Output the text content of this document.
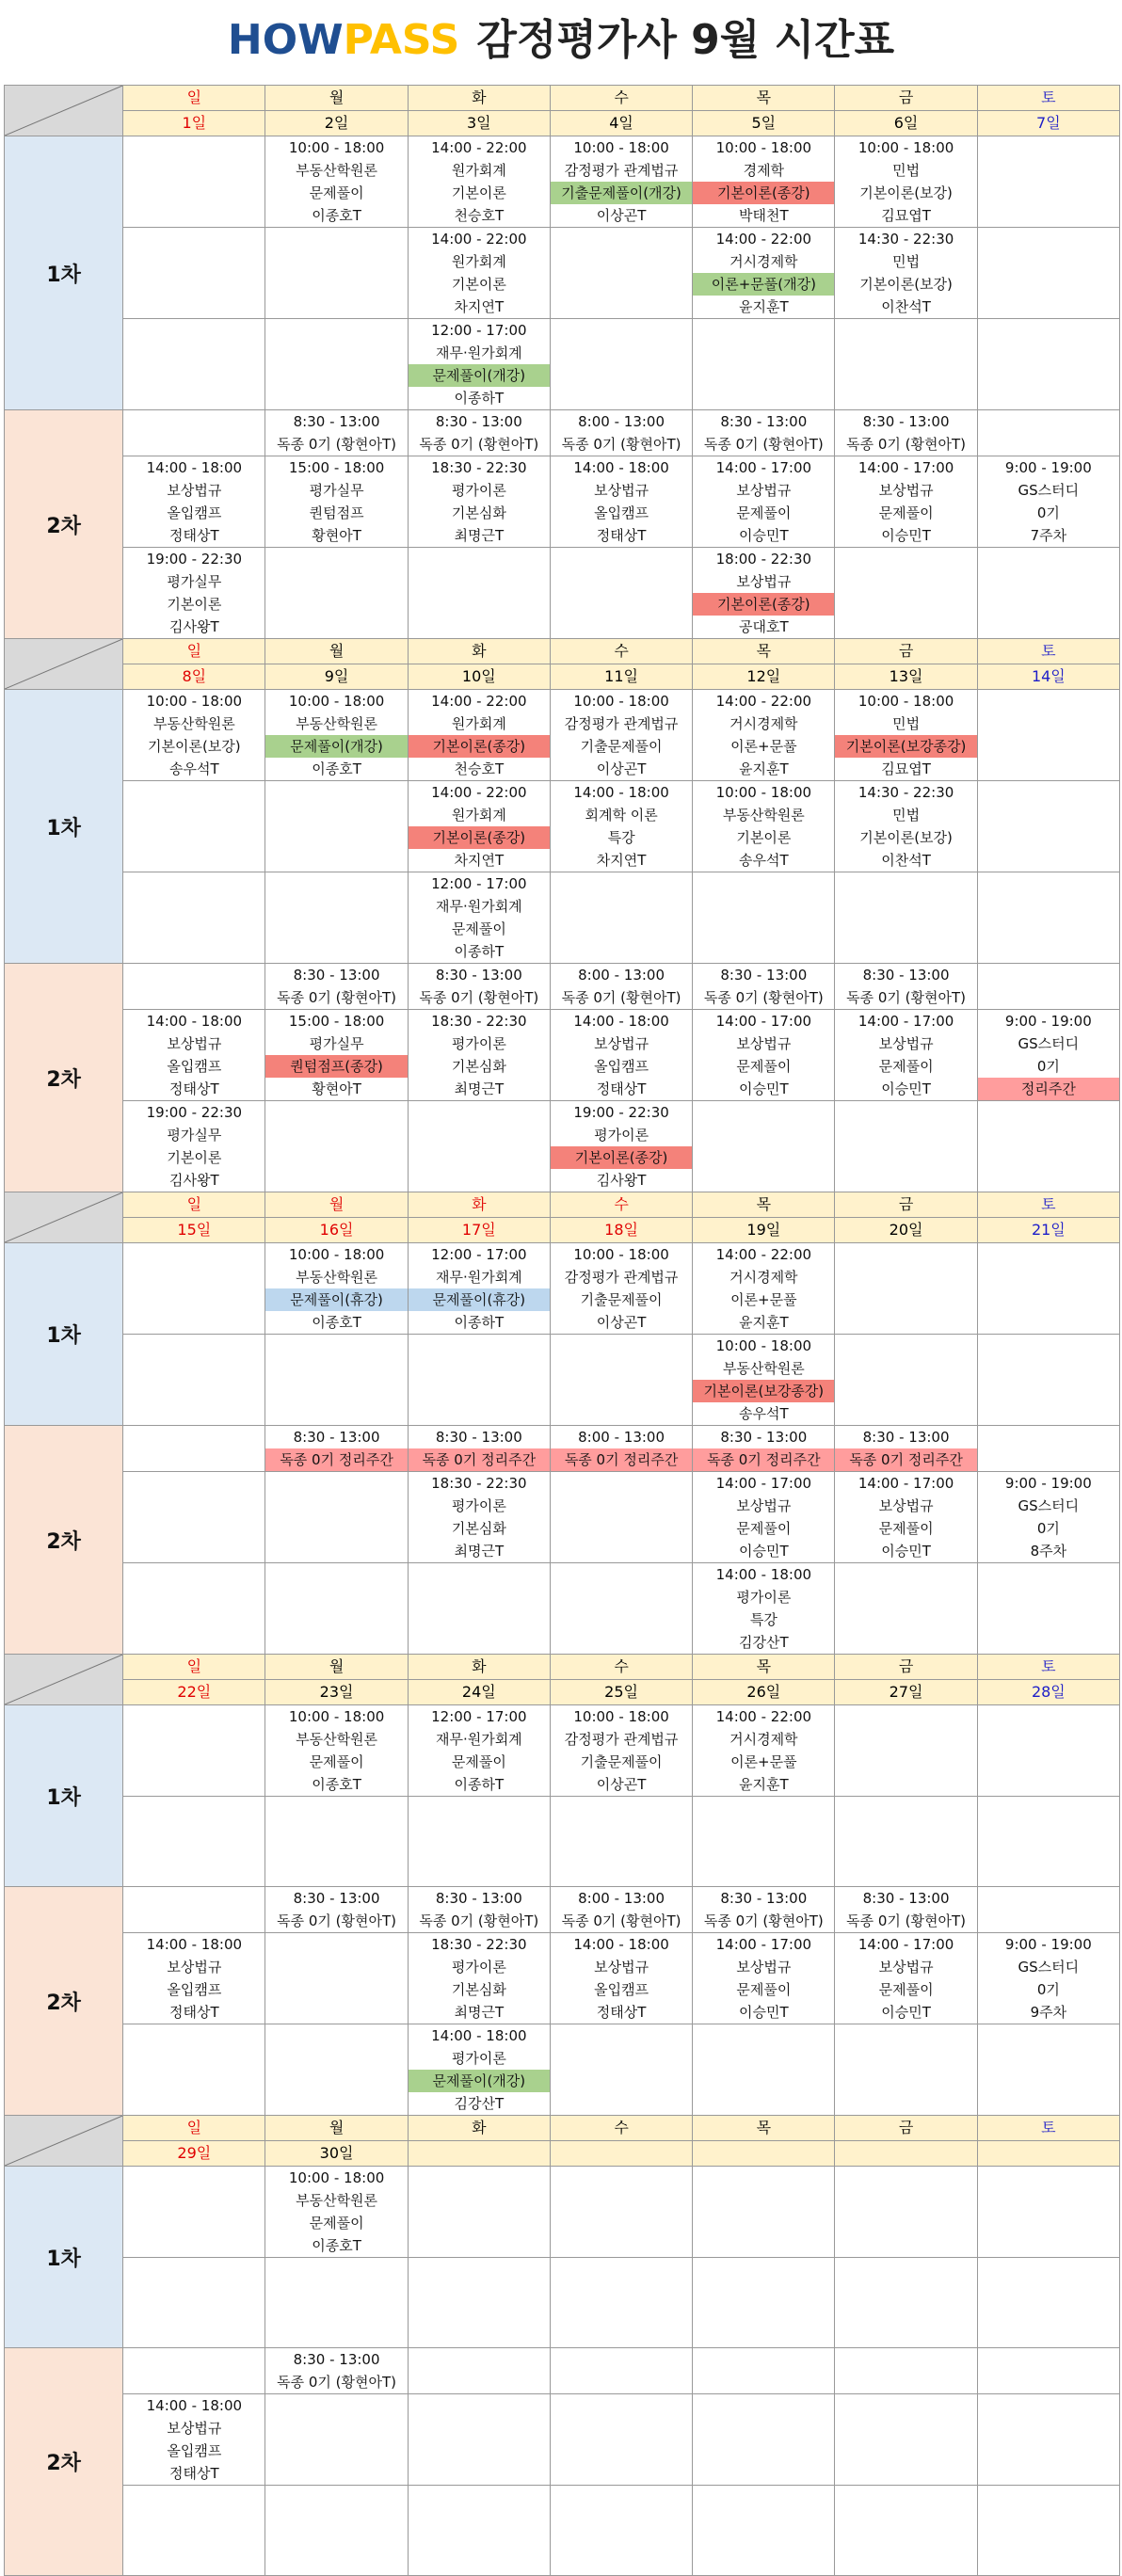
HOWPASS 감정평가사 9월 시간표
	일	월	화	수	목	금	토
	1일	2일	3일	4일	5일	6일	7일
1차		10:00 - 18:00
부동산학원론
문제풀이
이종호T	14:00 - 22:00
원가회계
기본이론
천승호T	10:00 - 18:00
감정평가 관계법규
기출문제풀이(개강)
이상곤T	10:00 - 18:00
경제학
기본이론(종강)
박태천T	10:00 - 18:00
민법
기본이론(보강)
김묘엽T	

			14:00 - 22:00
원가회계
기본이론
차지연T		14:00 - 22:00
거시경제학
이론+문풀(개강)
윤지훈T	14:30 - 22:30
민법
기본이론(보강)
이찬석T	

			12:00 - 17:00
재무·원가회계
문제풀이(개강)
이종하T				

2차		8:30 - 13:00
독종 0기 (황현아T)	8:30 - 13:00
독종 0기 (황현아T)	8:00 - 13:00
독종 0기 (황현아T)	8:30 - 13:00
독종 0기 (황현아T)	8:30 - 13:00
독종 0기 (황현아T)	

	14:00 - 18:00
보상법규
올입캠프
정태상T	15:00 - 18:00
평가실무
퀀텀점프
황현아T	18:30 - 22:30
평가이론
기본심화
최명근T	14:00 - 18:00
보상법규
올입캠프
정태상T	14:00 - 17:00
보상법규
문제풀이
이승민T	14:00 - 17:00
보상법규
문제풀이
이승민T	9:00 - 19:00
GS스터디
0기
7주차

	19:00 - 22:30
평가실무
기본이론
김사왕T				18:00 - 22:30
보상법규
기본이론(종강)
공대호T		

	일	월	화	수	목	금	토
	8일	9일	10일	11일	12일	13일	14일
1차	10:00 - 18:00
부동산학원론
기본이론(보강)
송우석T	10:00 - 18:00
부동산학원론
문제풀이(개강)
이종호T	14:00 - 22:00
원가회계
기본이론(종강)
천승호T	10:00 - 18:00
감정평가 관계법규
기출문제풀이
이상곤T	14:00 - 22:00
거시경제학
이론+문풀
윤지훈T	10:00 - 18:00
민법
기본이론(보강종강)
김묘엽T	

			14:00 - 22:00
원가회계
기본이론(종강)
차지연T	14:00 - 18:00
회계학 이론
특강
차지연T	10:00 - 18:00
부동산학원론
기본이론
송우석T	14:30 - 22:30
민법
기본이론(보강)
이찬석T	

			12:00 - 17:00
재무·원가회계
문제풀이
이종하T				

2차		8:30 - 13:00
독종 0기 (황현아T)	8:30 - 13:00
독종 0기 (황현아T)	8:00 - 13:00
독종 0기 (황현아T)	8:30 - 13:00
독종 0기 (황현아T)	8:30 - 13:00
독종 0기 (황현아T)	

	14:00 - 18:00
보상법규
올입캠프
정태상T	15:00 - 18:00
평가실무
퀀텀점프(종강)
황현아T	18:30 - 22:30
평가이론
기본심화
최명근T	14:00 - 18:00
보상법규
올입캠프
정태상T	14:00 - 17:00
보상법규
문제풀이
이승민T	14:00 - 17:00
보상법규
문제풀이
이승민T	9:00 - 19:00
GS스터디
0기
정리주간

	19:00 - 22:30
평가실무
기본이론
김사왕T			19:00 - 22:30
평가이론
기본이론(종강)
김사왕T			

	일	월	화	수	목	금	토
	15일	16일	17일	18일	19일	20일	21일
1차		10:00 - 18:00
부동산학원론
문제풀이(휴강)
이종호T	12:00 - 17:00
재무·원가회계
문제풀이(휴강)
이종하T	10:00 - 18:00
감정평가 관계법규
기출문제풀이
이상곤T	14:00 - 22:00
거시경제학
이론+문풀
윤지훈T		

					10:00 - 18:00
부동산학원론
기본이론(보강종강)
송우석T		

2차		8:30 - 13:00
독종 0기 정리주간	8:30 - 13:00
독종 0기 정리주간	8:00 - 13:00
독종 0기 정리주간	8:30 - 13:00
독종 0기 정리주간	8:30 - 13:00
독종 0기 정리주간	

			18:30 - 22:30
평가이론
기본심화
최명근T		14:00 - 17:00
보상법규
문제풀이
이승민T	14:00 - 17:00
보상법규
문제풀이
이승민T	9:00 - 19:00
GS스터디
0기
8주차

					14:00 - 18:00
평가이론
특강
김강산T		

	일	월	화	수	목	금	토
	22일	23일	24일	25일	26일	27일	28일
1차		10:00 - 18:00
부동산학원론
문제풀이
이종호T	12:00 - 17:00
재무·원가회계
문제풀이
이종하T	10:00 - 18:00
감정평가 관계법규
기출문제풀이
이상곤T	14:00 - 22:00
거시경제학
이론+문풀
윤지훈T		

2차		8:30 - 13:00
독종 0기 (황현아T)	8:30 - 13:00
독종 0기 (황현아T)	8:00 - 13:00
독종 0기 (황현아T)	8:30 - 13:00
독종 0기 (황현아T)	8:30 - 13:00
독종 0기 (황현아T)	

	14:00 - 18:00
보상법규
올입캠프
정태상T		18:30 - 22:30
평가이론
기본심화
최명근T	14:00 - 18:00
보상법규
올입캠프
정태상T	14:00 - 17:00
보상법규
문제풀이
이승민T	14:00 - 17:00
보상법규
문제풀이
이승민T	9:00 - 19:00
GS스터디
0기
9주차

			14:00 - 18:00
평가이론
문제풀이(개강)
김강산T				

	일	월	화	수	목	금	토
	29일	30일					
1차		10:00 - 18:00
부동산학원론
문제풀이
이종호T					

2차		8:30 - 13:00
독종 0기 (황현아T)					

	14:00 - 18:00
보상법규
올입캠프
정태상T						
